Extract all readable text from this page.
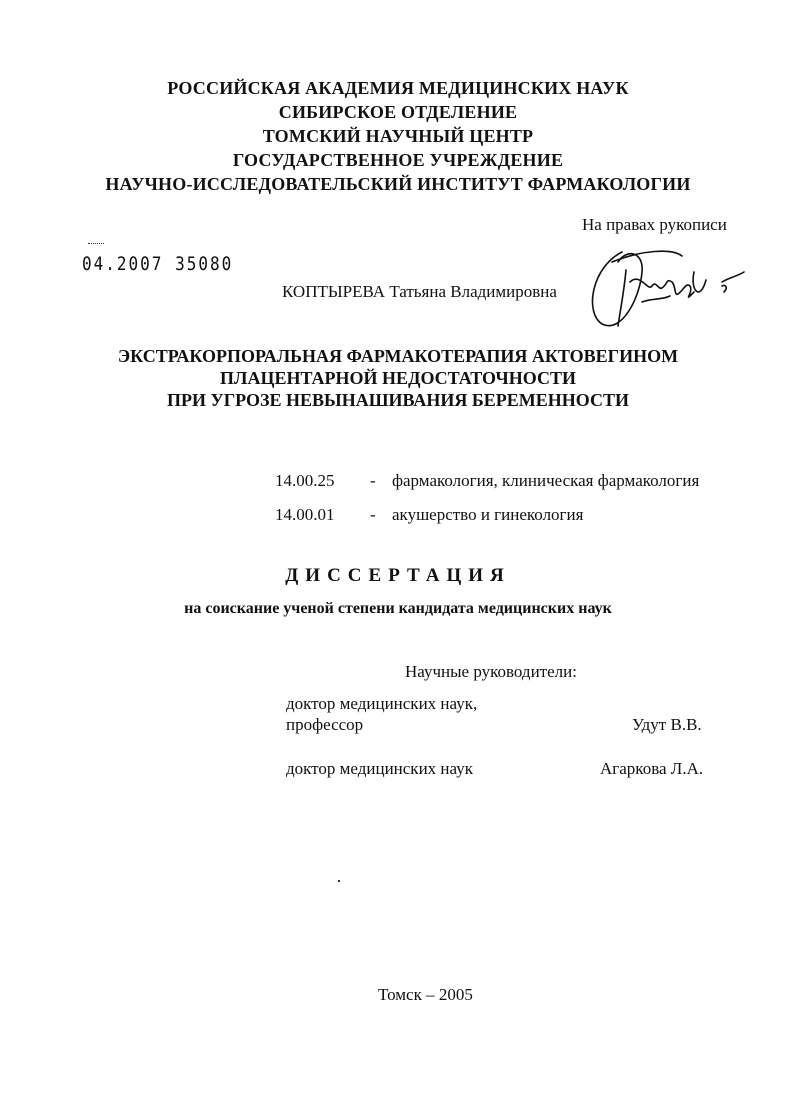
РОССИЙСКАЯ АКАДЕМИЯ МЕДИЦИНСКИХ НАУК
СИБИРСКОЕ ОТДЕЛЕНИЕ
ТОМСКИЙ НАУЧНЫЙ ЦЕНТР
ГОСУДАРСТВЕННОЕ УЧРЕЖДЕНИЕ
НАУЧНО-ИССЛЕДОВАТЕЛЬСКИЙ ИНСТИТУТ ФАРМАКОЛОГИИ
На правах рукописи
04.2007 35080
КОПТЫРЕВА Татьяна Владимировна
ЭКСТРАКОРПОРАЛЬНАЯ ФАРМАКОТЕРАПИЯ АКТОВЕГИНОМ
ПЛАЦЕНТАРНОЙ НЕДОСТАТОЧНОСТИ
ПРИ УГРОЗЕ НЕВЫНАШИВАНИЯ БЕРЕМЕННОСТИ
14.00.25 - фармакология, клиническая фармакология
14.00.01 - акушерство и гинекология
ДИССЕРТАЦИЯ
на соискание ученой степени кандидата медицинских наук
Научные руководители:
доктор медицинских наук,
профессор	Удут В.В.
доктор медицинских наук	Агаркова Л.А.
Томск – 2005
